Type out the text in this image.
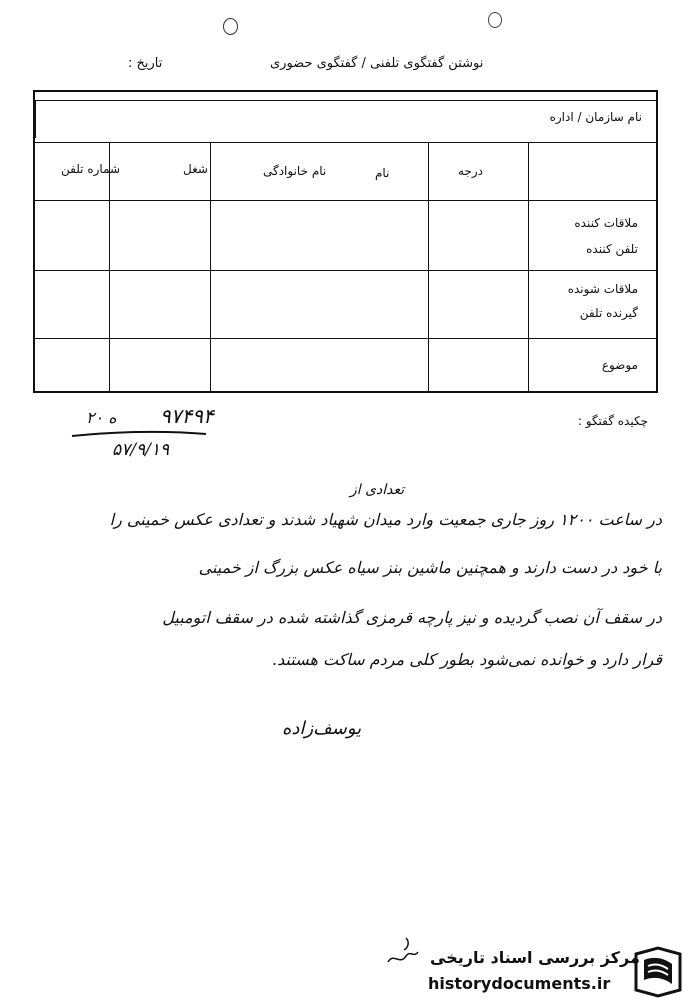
نوشتن گفتگوی تلفنی / گفتگوی حضوری
تاریخ :
نام سازمان / اداره
شماره تلفن	شغل	نام خانوادگی	نام	درجه
ملاقات کننده
تلفن کننده
ملاقات شونده
گیرنده تلفن
موضوع
چکیده گفتگو :
۹۷۴۹۴
۲۰ ه
۵۷/۹/۱۹
تعدادی از
در ساعت ۱۲۰۰ روز جاری جمعیت وارد میدان شهیاد شدند و تعدادی عکس خمینی را
با خود در دست دارند و همچنین ماشین بنز سیاه عکس بزرگ از خمینی
در سقف آن نصب گردیده و نیز پارچه قرمزی گذاشته شده در سقف اتومبیل
قرار دارد و خوانده نمی‌شود بطور کلی مردم ساکت هستند.
یوسف‌زاده
مرکز بررسی اسناد تاریخی
historydocuments.ir
